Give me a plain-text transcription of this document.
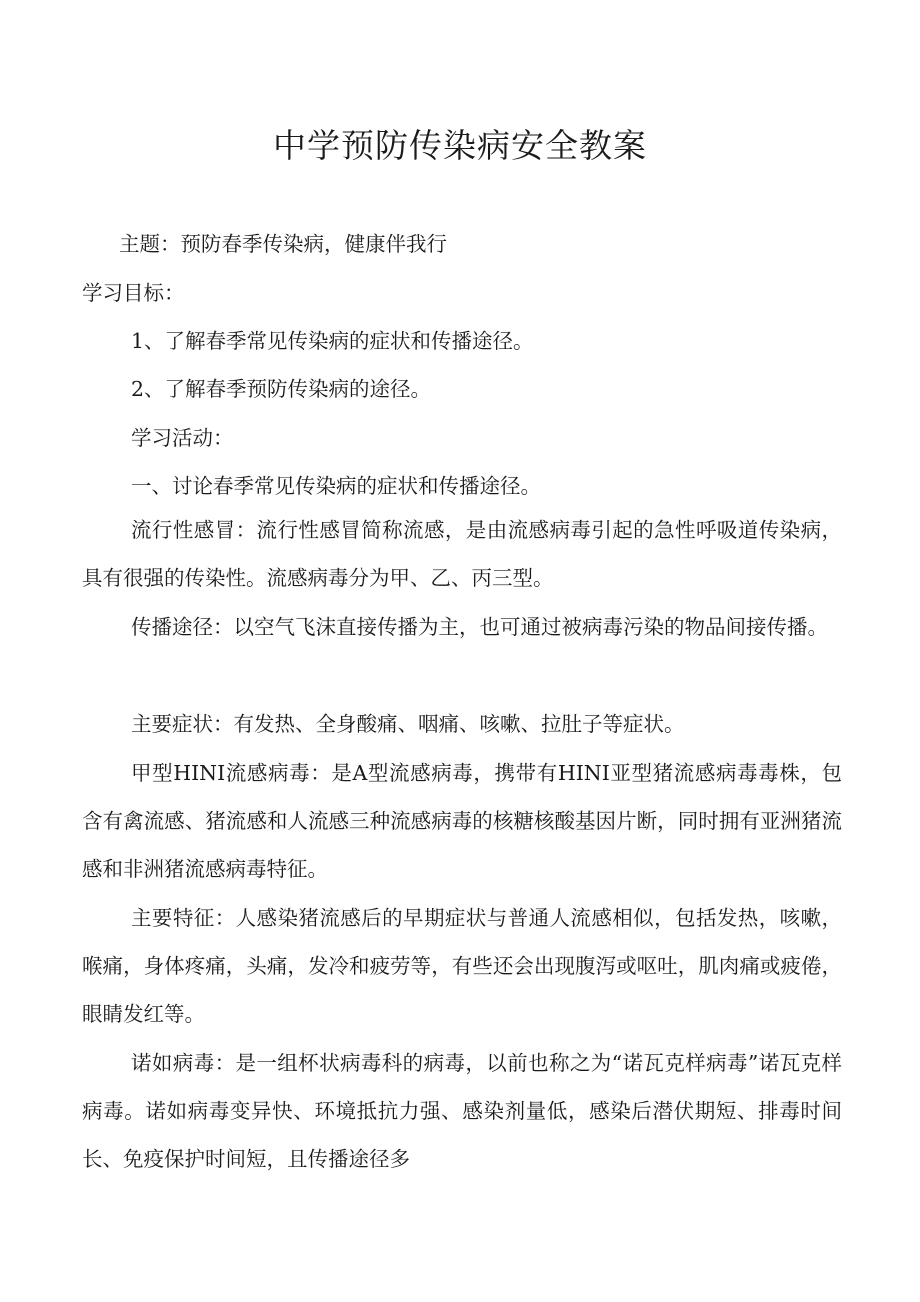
中学预防传染病安全教案

主题：预防春季传染病，健康伴我行

学习目标：

1、了解春季常见传染病的症状和传播途径。

2、了解春季预防传染病的途径。

学习活动：

一、讨论春季常见传染病的症状和传播途径。

流行性感冒：流行性感冒简称流感，是由流感病毒引起的急性呼吸道传染病，具有很强的传染性。流感病毒分为甲、乙、丙三型。

传播途径：以空气飞沫直接传播为主，也可通过被病毒污染的物品间接传播。

主要症状：有发热、全身酸痛、咽痛、咳嗽、拉肚子等症状。

甲型HINI流感病毒：是A型流感病毒，携带有HINI亚型猪流感病毒毒株，包含有禽流感、猪流感和人流感三种流感病毒的核糖核酸基因片断，同时拥有亚洲猪流感和非洲猪流感病毒特征。

主要特征：人感染猪流感后的早期症状与普通人流感相似，包括发热，咳嗽，喉痛，身体疼痛，头痛，发冷和疲劳等，有些还会出现腹泻或呕吐，肌肉痛或疲倦，眼睛发红等。

诺如病毒：是一组杯状病毒科的病毒，以前也称之为“诺瓦克样病毒”诺瓦克样病毒。诺如病毒变异快、环境抵抗力强、感染剂量低，感染后潜伏期短、排毒时间长、免疫保护时间短，且传播途径多
